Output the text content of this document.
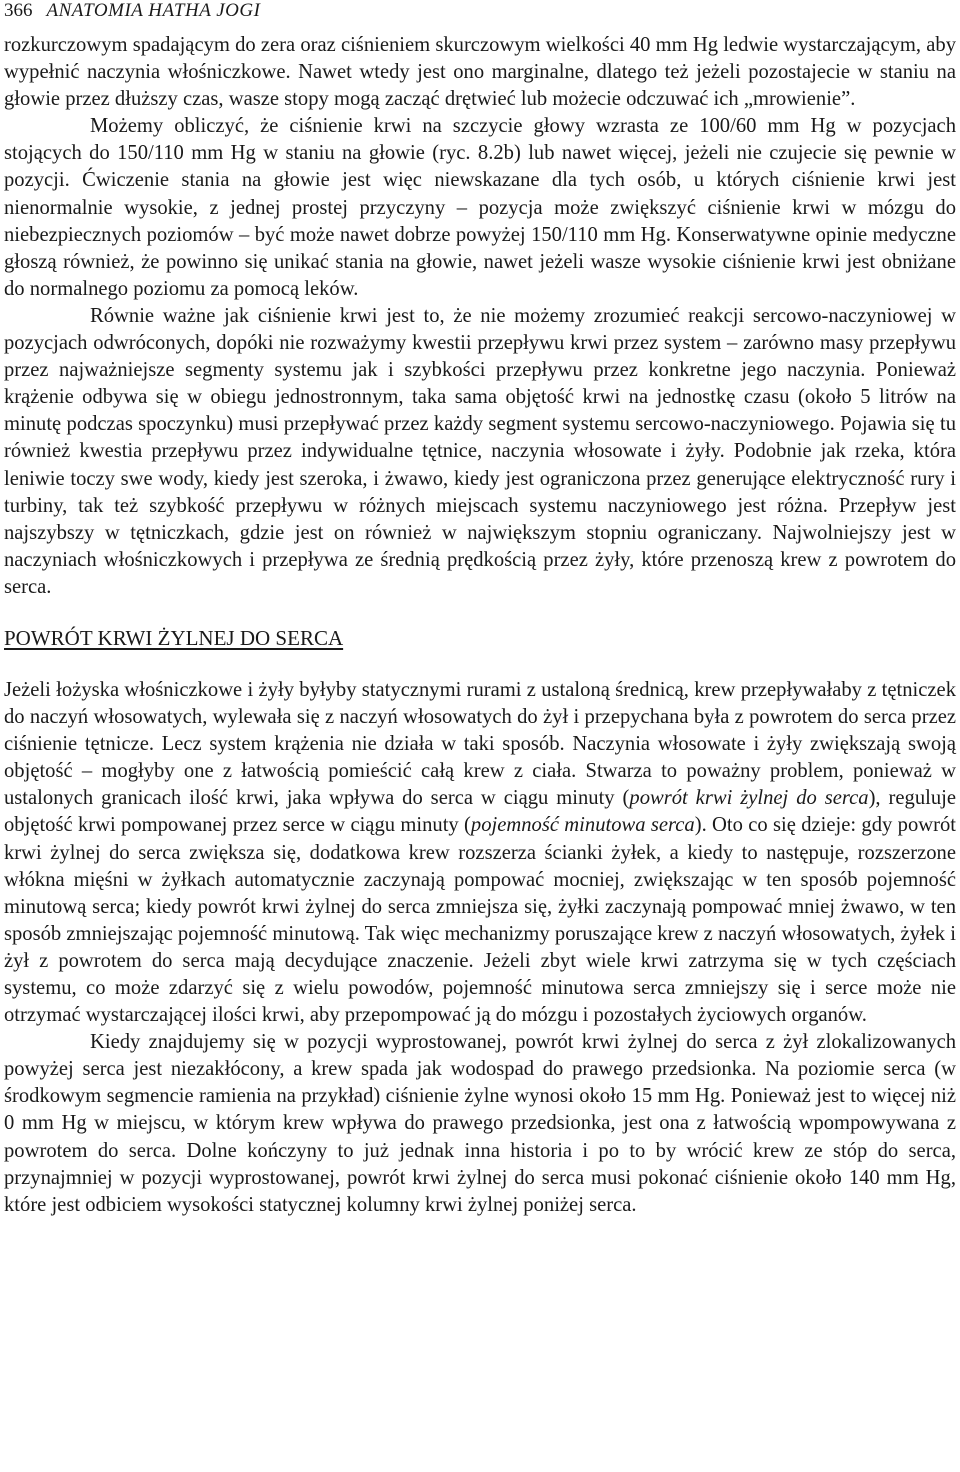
366 ANATOMIA HATHA JOGI

rozkurczowym spadającym do zera oraz ciśnieniem skurczowym wielkości 40 mm Hg ledwie wystarczającym, aby wypełnić naczynia włośniczkowe. Nawet wtedy jest ono marginalne, dlatego też jeżeli pozostajecie w staniu na głowie przez dłuższy czas, wasze stopy mogą zacząć drętwieć lub możecie odczuwać ich „mrowienie”.

Możemy obliczyć, że ciśnienie krwi na szczycie głowy wzrasta ze 100/60 mm Hg w pozycjach stojących do 150/110 mm Hg w staniu na głowie (ryc. 8.2b) lub nawet więcej, jeżeli nie czujecie się pewnie w pozycji. Ćwiczenie stania na głowie jest więc niewskazane dla tych osób, u których ciśnienie krwi jest nienormalnie wysokie, z jednej prostej przyczyny – pozycja może zwiększyć ciśnienie krwi w mózgu do niebezpiecznych poziomów – być może nawet dobrze powyżej 150/110 mm Hg. Konserwatywne opinie medyczne głoszą również, że powinno się unikać stania na głowie, nawet jeżeli wasze wysokie ciśnienie krwi jest obniżane do normalnego poziomu za pomocą leków.

Równie ważne jak ciśnienie krwi jest to, że nie możemy zrozumieć reakcji sercowo-naczyniowej w pozycjach odwróconych, dopóki nie rozważymy kwestii przepływu krwi przez system – zarówno masy przepływu przez najważniejsze segmenty systemu jak i szybkości przepływu przez konkretne jego naczynia. Ponieważ krążenie odbywa się w obiegu jednostronnym, taka sama objętość krwi na jednostkę czasu (około 5 litrów na minutę podczas spoczynku) musi przepływać przez każdy segment systemu sercowo-naczyniowego. Pojawia się tu również kwestia przepływu przez indywidualne tętnice, naczynia włosowate i żyły. Podobnie jak rzeka, która leniwie toczy swe wody, kiedy jest szeroka, i żwawo, kiedy jest ograniczona przez generujące elektryczność rury i turbiny, tak też szybkość przepływu w różnych miejscach systemu naczyniowego jest różna. Przepływ jest najszybszy w tętniczkach, gdzie jest on również w największym stopniu ograniczany. Najwolniejszy jest w naczyniach włośniczkowych i przepływa ze średnią prędkością przez żyły, które przenoszą krew z powrotem do serca.

POWRÓT KRWI ŻYLNEJ DO SERCA

Jeżeli łożyska włośniczkowe i żyły byłyby statycznymi rurami z ustaloną średnicą, krew przepływałaby z tętniczek do naczyń włosowatych, wylewała się z naczyń włosowatych do żył i przepychana była z powrotem do serca przez ciśnienie tętnicze. Lecz system krążenia nie działa w taki sposób. Naczynia włosowate i żyły zwiększają swoją objętość – mogłyby one z łatwością pomieścić całą krew z ciała. Stwarza to poważny problem, ponieważ w ustalonych granicach ilość krwi, jaka wpływa do serca w ciągu minuty (powrót krwi żylnej do serca), reguluje objętość krwi pompowanej przez serce w ciągu minuty (pojemność minutowa serca). Oto co się dzieje: gdy powrót krwi żylnej do serca zwiększa się, dodatkowa krew rozszerza ścianki żyłek, a kiedy to następuje, rozszerzone włókna mięśni w żyłkach automatycznie zaczynają pompować mocniej, zwiększając w ten sposób pojemność minutową serca; kiedy powrót krwi żylnej do serca zmniejsza się, żyłki zaczynają pompować mniej żwawo, w ten sposób zmniejszając pojemność minutową. Tak więc mechanizmy poruszające krew z naczyń włosowatych, żyłek i żył z powrotem do serca mają decydujące znaczenie. Jeżeli zbyt wiele krwi zatrzyma się w tych częściach systemu, co może zdarzyć się z wielu powodów, pojemność minutowa serca zmniejszy się i serce może nie otrzymać wystarczającej ilości krwi, aby przepompować ją do mózgu i pozostałych życiowych organów.

Kiedy znajdujemy się w pozycji wyprostowanej, powrót krwi żylnej do serca z żył zlokalizowanych powyżej serca jest niezakłócony, a krew spada jak wodospad do prawego przedsionka. Na poziomie serca (w środkowym segmencie ramienia na przykład) ciśnienie żylne wynosi około 15 mm Hg. Ponieważ jest to więcej niż 0 mm Hg w miejscu, w którym krew wpływa do prawego przedsionka, jest ona z łatwością wpompowywana z powrotem do serca. Dolne kończyny to już jednak inna historia i po to by wrócić krew ze stóp do serca, przynajmniej w pozycji wyprostowanej, powrót krwi żylnej do serca musi pokonać ciśnienie około 140 mm Hg, które jest odbiciem wysokości statycznej kolumny krwi żylnej poniżej serca.
